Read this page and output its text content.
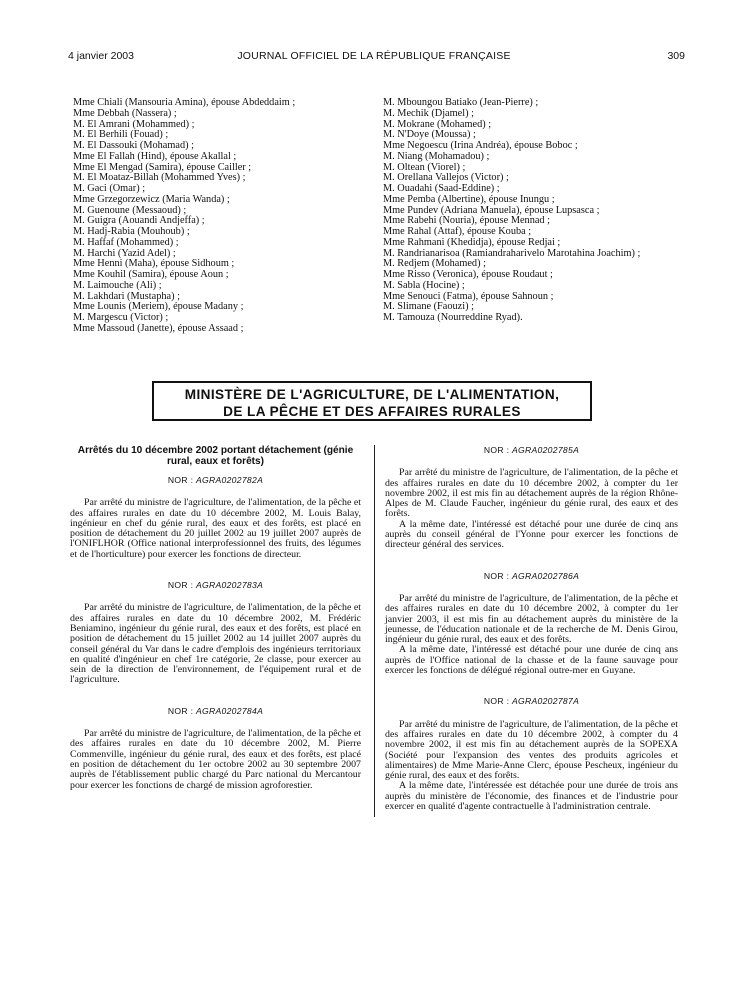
4 janvier 2003	JOURNAL OFFICIEL DE LA RÉPUBLIQUE FRANÇAISE	309
Mme Chiali (Mansouria Amina), épouse Abdeddaim ;
Mme Debbah (Nassera) ;
M. El Amrani (Mohammed) ;
M. El Berhili (Fouad) ;
M. El Dassouki (Mohamad) ;
Mme El Fallah (Hind), épouse Akallal ;
Mme El Mengad (Samira), épouse Cailler ;
M. El Moataz-Billah (Mohammed Yves) ;
M. Gaci (Omar) ;
Mme Grzegorzewicz (Maria Wanda) ;
M. Guenoune (Messaoud) ;
M. Guigra (Aouandi Andjeffa) ;
M. Hadj-Rabia (Mouhoub) ;
M. Haffaf (Mohammed) ;
M. Harchi (Yazid Adel) ;
Mme Henni (Maha), épouse Sidhoum ;
Mme Kouhil (Samira), épouse Aoun ;
M. Laimouche (Ali) ;
M. Lakhdari (Mustapha) ;
Mme Lounis (Meriem), épouse Madany ;
M. Margescu (Victor) ;
Mme Massoud (Janette), épouse Assaad ;
M. Mboungou Batiako (Jean-Pierre) ;
M. Mechik (Djamel) ;
M. Mokrane (Mohamed) ;
M. N'Doye (Moussa) ;
Mme Negoescu (Irina Andréa), épouse Boboc ;
M. Niang (Mohamadou) ;
M. Oltean (Viorel) ;
M. Orellana Vallejos (Victor) ;
M. Ouadahi (Saad-Eddine) ;
Mme Pemba (Albertine), épouse Inungu ;
Mme Pundev (Adriana Manuela), épouse Lupsasca ;
Mme Rabehi (Nouria), épouse Mennad ;
Mme Rahal (Attaf), épouse Kouba ;
Mme Rahmani (Khedidja), épouse Redjai ;
M. Randrianarisoa (Ramiandraharivelo Marotahina Joachim) ;
M. Redjem (Mohamed) ;
Mme Risso (Veronica), épouse Roudaut ;
M. Sabla (Hocine) ;
Mme Senouci (Fatma), épouse Sahnoun ;
M. Slimane (Faouzi) ;
M. Tamouza (Nourreddine Ryad).
MINISTÈRE DE L'AGRICULTURE, DE L'ALIMENTATION,
DE LA PÊCHE ET DES AFFAIRES RURALES
Arrêtés du 10 décembre 2002 portant détachement (génie rural, eaux et forêts)
NOR : AGRA0202782A

Par arrêté du ministre de l'agriculture, de l'alimentation, de la pêche et des affaires rurales en date du 10 décembre 2002, M. Louis Balay, ingénieur en chef du génie rural, des eaux et des forêts, est placé en position de détachement du 20 juillet 2002 au 19 juillet 2007 auprès de l'ONIFLHOR (Office national interprofessionnel des fruits, des légumes et de l'horticulture) pour exercer les fonctions de directeur.

NOR : AGRA0202783A

Par arrêté du ministre de l'agriculture, de l'alimentation, de la pêche et des affaires rurales en date du 10 décembre 2002, M. Frédéric Beniamino, ingénieur du génie rural, des eaux et des forêts, est placé en position de détachement du 15 juillet 2002 au 14 juillet 2007 auprès du conseil général du Var dans le cadre d'emplois des ingénieurs territoriaux en qualité d'ingénieur en chef 1re catégorie, 2e classe, pour exercer au sein de la direction de l'environnement, de l'équipement rural et de l'agriculture.

NOR : AGRA0202784A

Par arrêté du ministre de l'agriculture, de l'alimentation, de la pêche et des affaires rurales en date du 10 décembre 2002, M. Pierre Commenville, ingénieur du génie rural, des eaux et des forêts, est placé en position de détachement du 1er octobre 2002 au 30 septembre 2007 auprès de l'établissement public chargé du Parc national du Mercantour pour exercer les fonctions de chargé de mission agroforestier.

NOR : AGRA0202785A

Par arrêté du ministre de l'agriculture, de l'alimentation, de la pêche et des affaires rurales en date du 10 décembre 2002, à compter du 1er novembre 2002, il est mis fin au détachement auprès de la région Rhône-Alpes de M. Claude Faucher, ingénieur du génie rural, des eaux et des forêts.

A la même date, l'intéressé est détaché pour une durée de cinq ans auprès du conseil général de l'Yonne pour exercer les fonctions de directeur général des services.

NOR : AGRA0202786A

Par arrêté du ministre de l'agriculture, de l'alimentation, de la pêche et des affaires rurales en date du 10 décembre 2002, à compter du 1er janvier 2003, il est mis fin au détachement auprès du ministère de la jeunesse, de l'éducation nationale et de la recherche de M. Denis Girou, ingénieur du génie rural, des eaux et des forêts.

A la même date, l'intéressé est détaché pour une durée de cinq ans auprès de l'Office national de la chasse et de la faune sauvage pour exercer les fonctions de délégué régional outre-mer en Guyane.

NOR : AGRA0202787A

Par arrêté du ministre de l'agriculture, de l'alimentation, de la pêche et des affaires rurales en date du 10 décembre 2002, à compter du 4 novembre 2002, il est mis fin au détachement auprès de la SOPEXA (Société pour l'expansion des ventes des produits agricoles et alimentaires) de Mme Marie-Anne Clerc, épouse Pescheux, ingénieur du génie rural, des eaux et des forêts.

A la même date, l'intéressée est détachée pour une durée de trois ans auprès du ministère de l'économie, des finances et de l'industrie pour exercer en qualité d'agente contractuelle à l'administration centrale.
